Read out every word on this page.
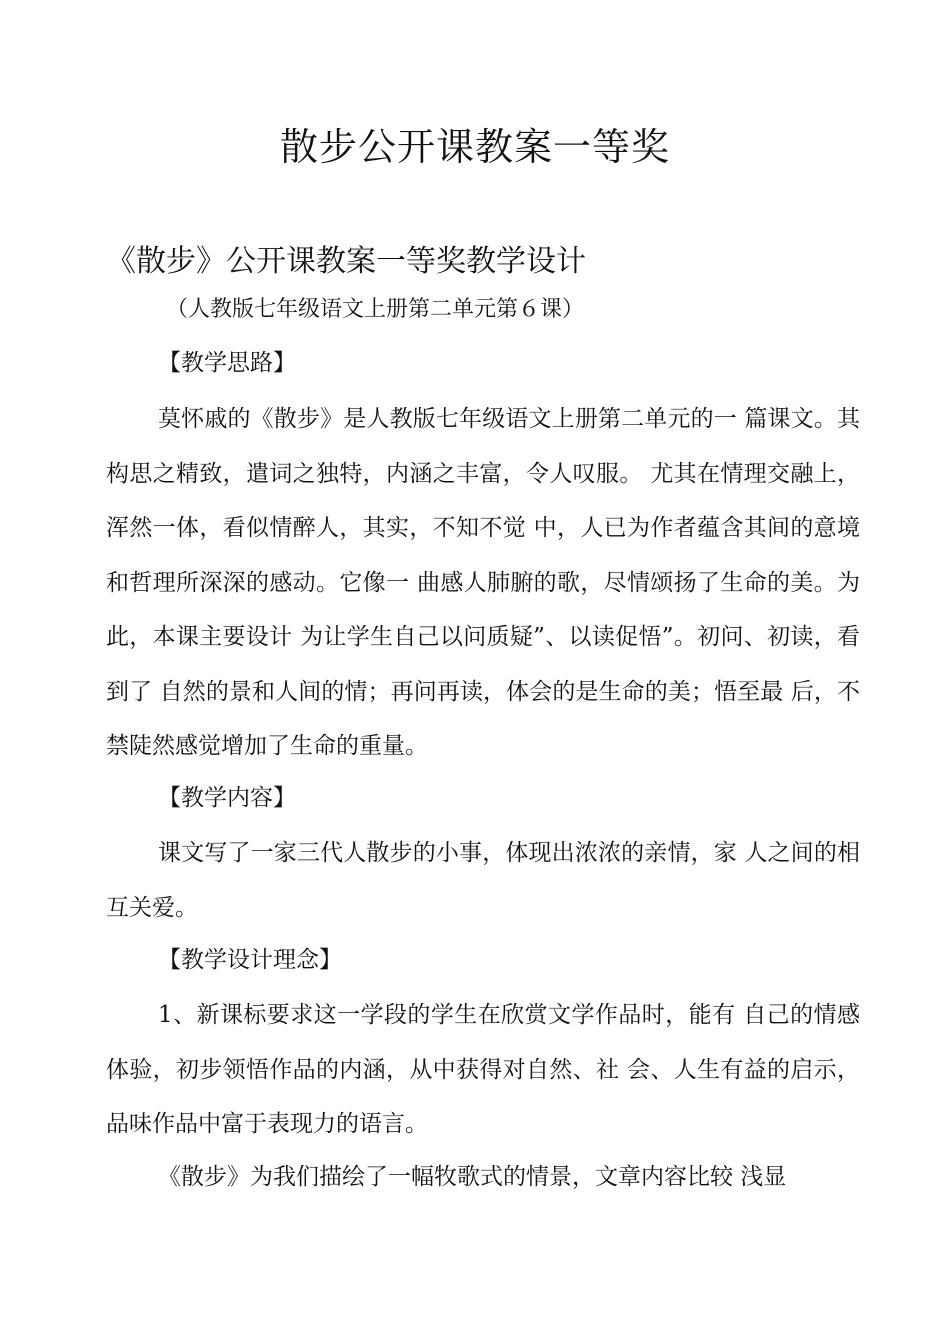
散步公开课教案一等奖
《散步》公开课教案一等奖教学设计
（人教版七年级语文上册第二单元第６课）
【教学思路】
莫怀戚的《散步》是人教版七年级语文上册第二单元的一 篇课文。其构思之精致，遣词之独特，内涵之丰富，令人叹服。 尤其在情理交融上，浑然一体，看似情醉人，其实，不知不觉 中，人已为作者蕴含其间的意境和哲理所深深的感动。它像一 曲感人肺腑的歌，尽情颂扬了生命的美。为此，本课主要设计 为让学生自己以问质疑”、以读促悟”。初问、初读，看到了 自然的景和人间的情；再问再读，体会的是生命的美；悟至最 后，不禁陡然感觉增加了生命的重量。
【教学内容】
课文写了一家三代人散步的小事，体现出浓浓的亲情，家 人之间的相互关爱。
【教学设计理念】
1、新课标要求这一学段的学生在欣赏文学作品时，能有 自己的情感体验，初步领悟作品的内涵，从中获得对自然、社 会、人生有益的启示，品味作品中富于表现力的语言。
《散步》为我们描绘了一幅牧歌式的情景，文章内容比较 浅显
